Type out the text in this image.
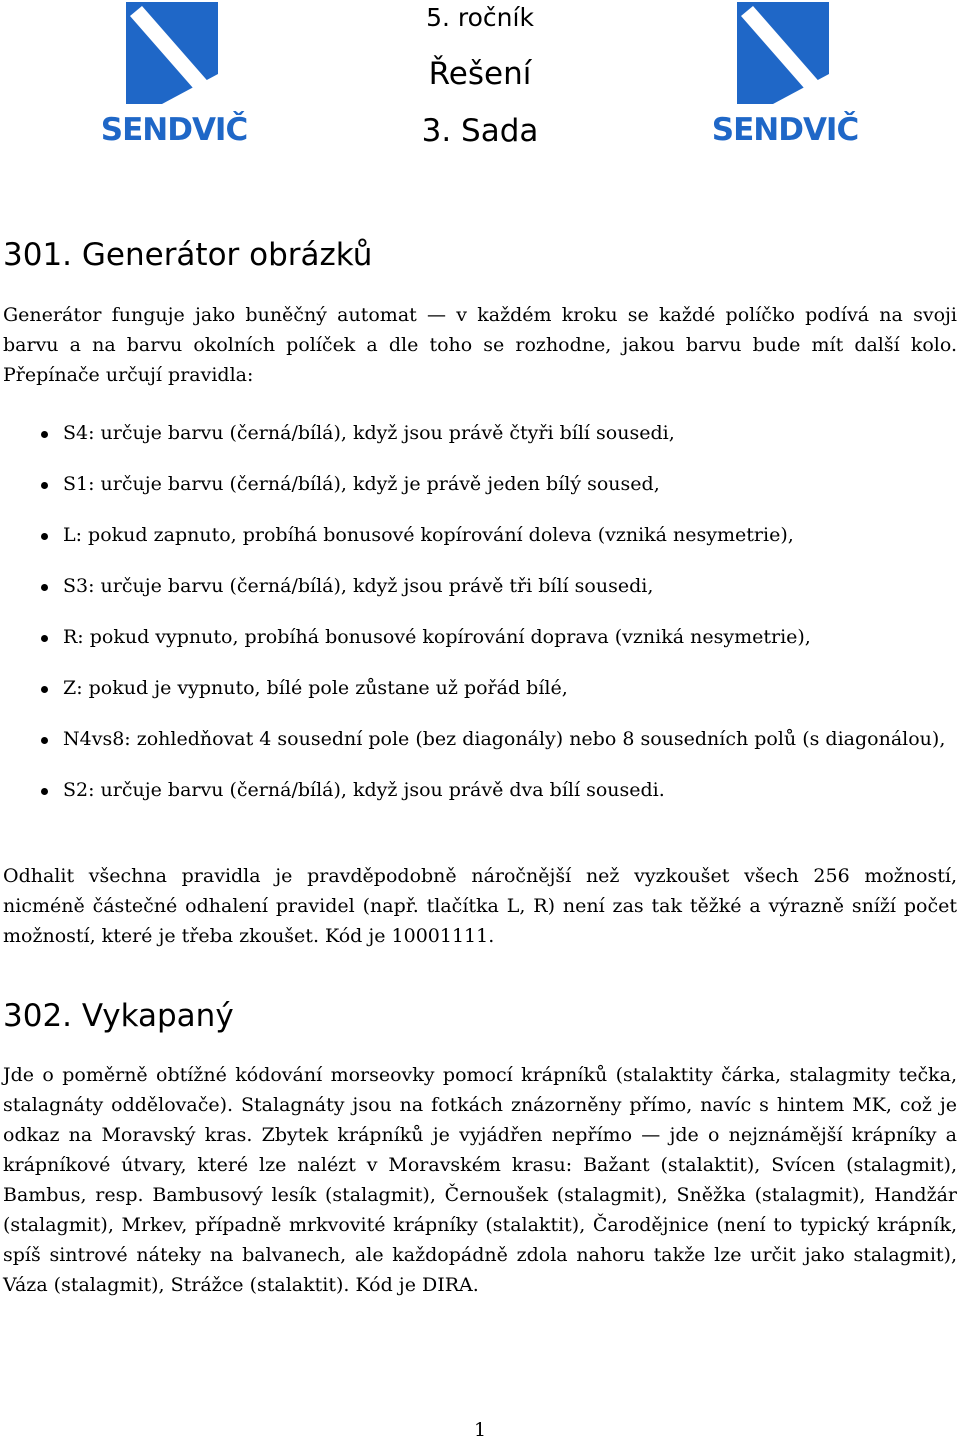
SENDVIČ	SENDVIČ
5. ročník
Řešení
3. Sada
301. Generátor obrázků

Generátor funguje jako buněčný automat — v každém kroku se každé políčko podívá na svoji barvu a na barvu okolních políček a dle toho se rozhodne, jakou barvu bude mít další kolo. Přepínače určují pravidla:

S4: určuje barvu (černá/bílá), když jsou právě čtyři bílí sousedi,
S1: určuje barvu (černá/bílá), když je právě jeden bílý soused,
L: pokud zapnuto, probíhá bonusové kopírování doleva (vzniká nesymetrie),
S3: určuje barvu (černá/bílá), když jsou právě tři bílí sousedi,
R: pokud vypnuto, probíhá bonusové kopírování doprava (vzniká nesymetrie),
Z: pokud je vypnuto, bílé pole zůstane už pořád bílé,
N4vs8: zohledňovat 4 sousední pole (bez diagonály) nebo 8 sousedních polů (s diagonálou),
S2: určuje barvu (černá/bílá), když jsou právě dva bílí sousedi.

Odhalit všechna pravidla je pravděpodobně náročnější než vyzkoušet všech 256 možností, nicméně částečné odhalení pravidel (např. tlačítka L, R) není zas tak těžké a výrazně sníží počet možností, které je třeba zkoušet. Kód je 10001111.

302. Vykapaný

Jde o poměrně obtížné kódování morseovky pomocí krápníků (stalaktity čárka, stalagmity tečka, stalagnáty oddělovače). Stalagnáty jsou na fotkách znázorněny přímo, navíc s hintem MK, což je odkaz na Moravský kras. Zbytek krápníků je vyjádřen nepřímo — jde o nejznámější krápníky a krápníkové útvary, které lze nalézt v Moravském krasu: Bažant (stalaktit), Svícen (stalagmit), Bambus, resp. Bambusový lesík (stalagmit), Černoušek (stalagmit), Sněžka (stalagmit), Handžár (stalagmit), Mrkev, případně mrkvovité krápníky (stalaktit), Čarodějnice (není to typický krápník, spíš sintrové náteky na balvanech, ale každopádně zdola nahoru takže lze určit jako stalagmit), Váza (stalagmit), Strážce (stalaktit). Kód je DIRA.

1
